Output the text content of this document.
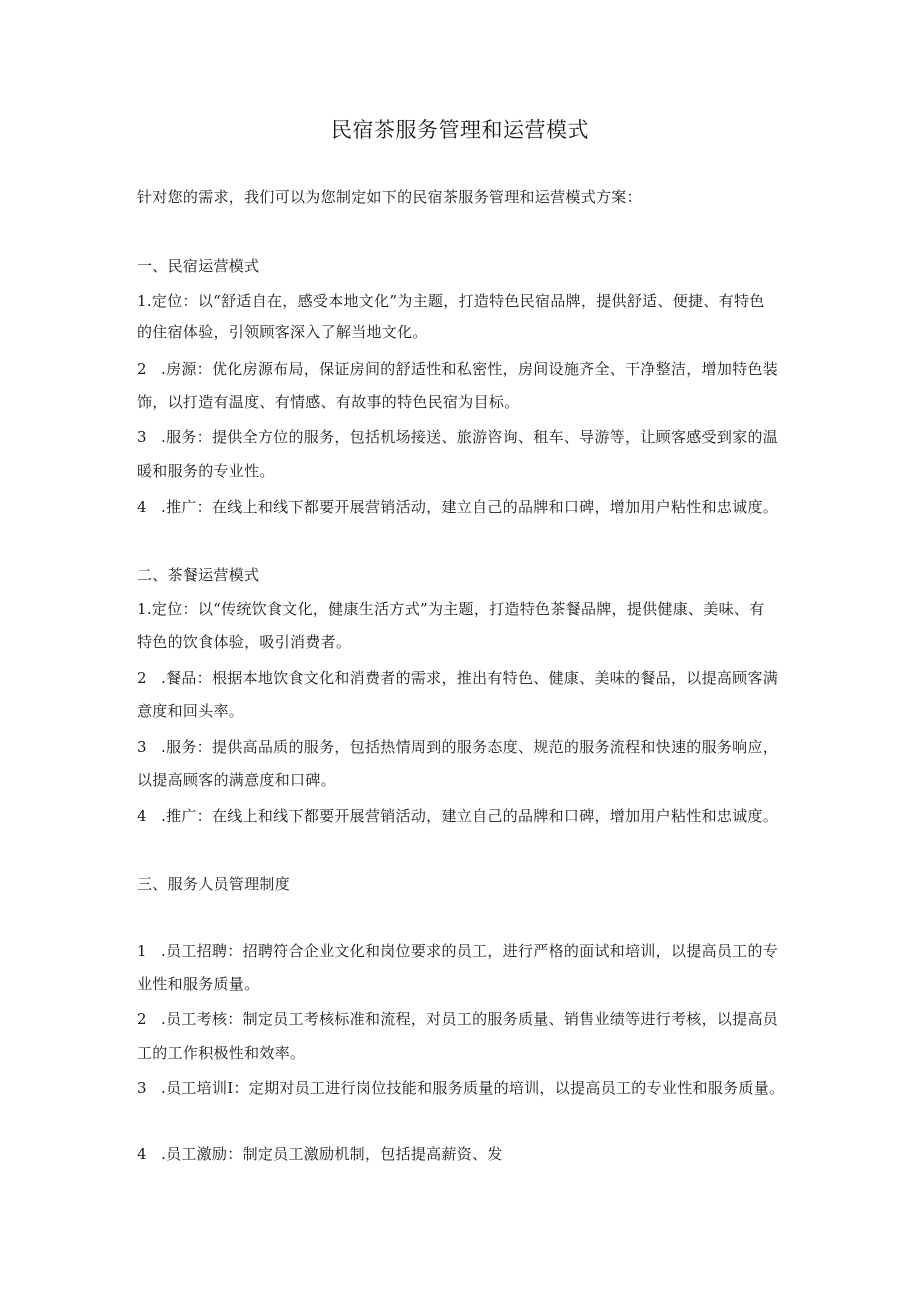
民宿茶服务管理和运营模式
针对您的需求，我们可以为您制定如下的民宿茶服务管理和运营模式方案：
一、民宿运营模式
1.定位：以“舒适自在，感受本地文化”为主题，打造特色民宿品牌，提供舒适、便捷、有特色
的住宿体验，引领顾客深入了解当地文化。
2 .房源：优化房源布局，保证房间的舒适性和私密性，房间设施齐全、干净整洁，增加特色装
饰，以打造有温度、有情感、有故事的特色民宿为目标。
3 .服务：提供全方位的服务，包括机场接送、旅游咨询、租车、导游等，让顾客感受到家的温
暖和服务的专业性。
4 .推广：在线上和线下都要开展营销活动，建立自己的品牌和口碑，增加用户粘性和忠诚度。
二、茶餐运营模式
1.定位：以“传统饮食文化，健康生活方式”为主题，打造特色茶餐品牌，提供健康、美味、有
特色的饮食体验，吸引消费者。
2 .餐品：根据本地饮食文化和消费者的需求，推出有特色、健康、美味的餐品，以提高顾客满
意度和回头率。
3 .服务：提供高品质的服务，包括热情周到的服务态度、规范的服务流程和快速的服务响应，
以提高顾客的满意度和口碑。
4 .推广：在线上和线下都要开展营销活动，建立自己的品牌和口碑，增加用户粘性和忠诚度。
三、服务人员管理制度
1 .员工招聘：招聘符合企业文化和岗位要求的员工，进行严格的面试和培训，以提高员工的专
业性和服务质量。
2 .员工考核：制定员工考核标准和流程，对员工的服务质量、销售业绩等进行考核，以提高员
工的工作积极性和效率。
3 .员工培训I：定期对员工进行岗位技能和服务质量的培训，以提高员工的专业性和服务质量。
4 .员工激励：制定员工激励机制，包括提高薪资、发
